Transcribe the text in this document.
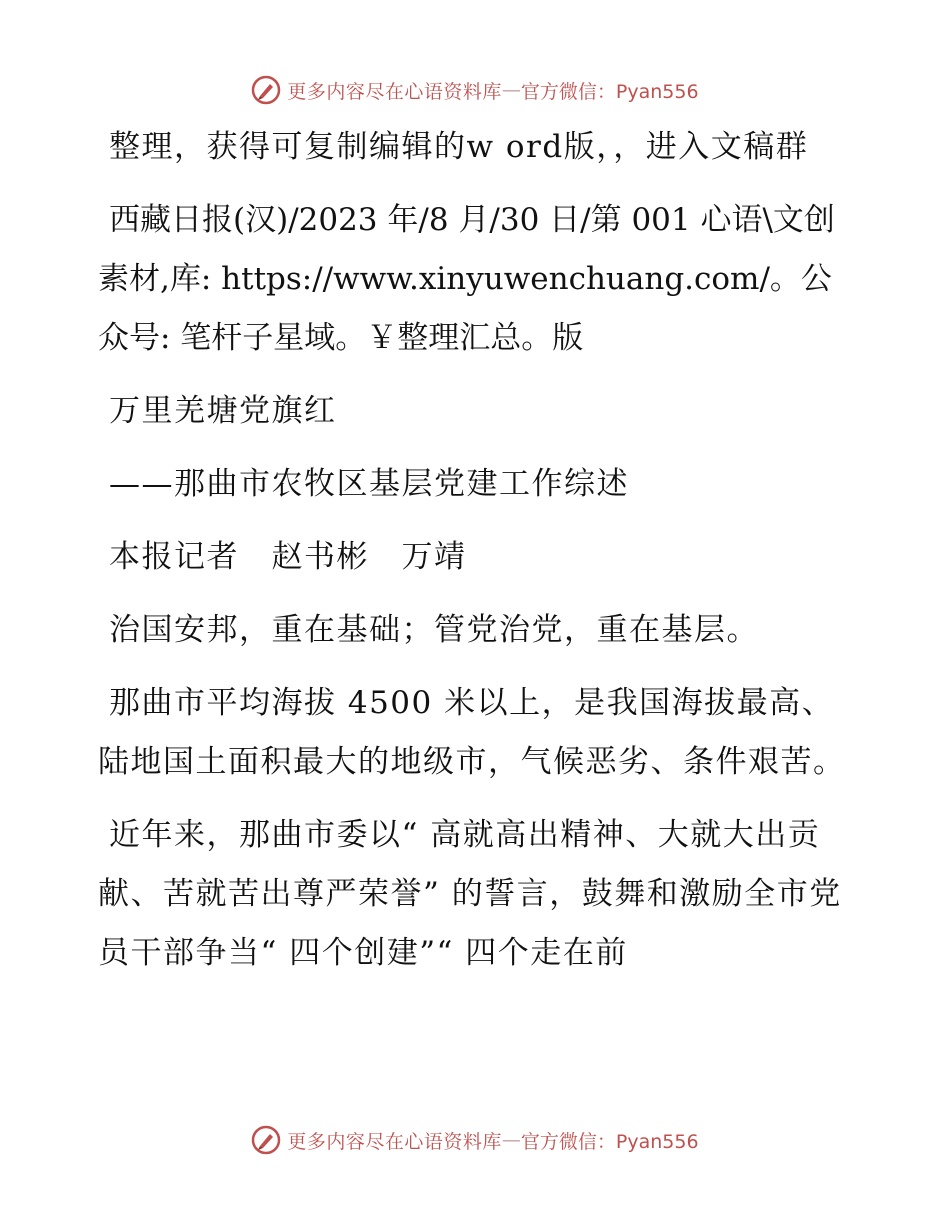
更多内容尽在心语资料库 — 官方微信：Pyan556

整理，获得可复制编辑的w ord版，，进入文稿群

西藏日报(汉)/2023 年/8 月/30 日/第 001 心语\文创素材,库: https://www.xinyuwenchuang.com/。公众号: 笔杆子星域。￥整理汇总。版

万里羌塘党旗红

——那曲市农牧区基层党建工作综述

本报记者　赵书彬　万靖

治国安邦，重在基础；管党治党，重在基层。

那曲市平均海拔 4500 米以上，是我国海拔最高、陆地国土面积最大的地级市，气候恶劣、条件艰苦。

近年来，那曲市委以“ 高就高出精神、大就大出贡献、苦就苦出尊严荣誉” 的誓言，鼓舞和激励全市党员干部争当“ 四个创建”“ 四个走在前

更多内容尽在心语资料库 — 官方微信：Pyan556
